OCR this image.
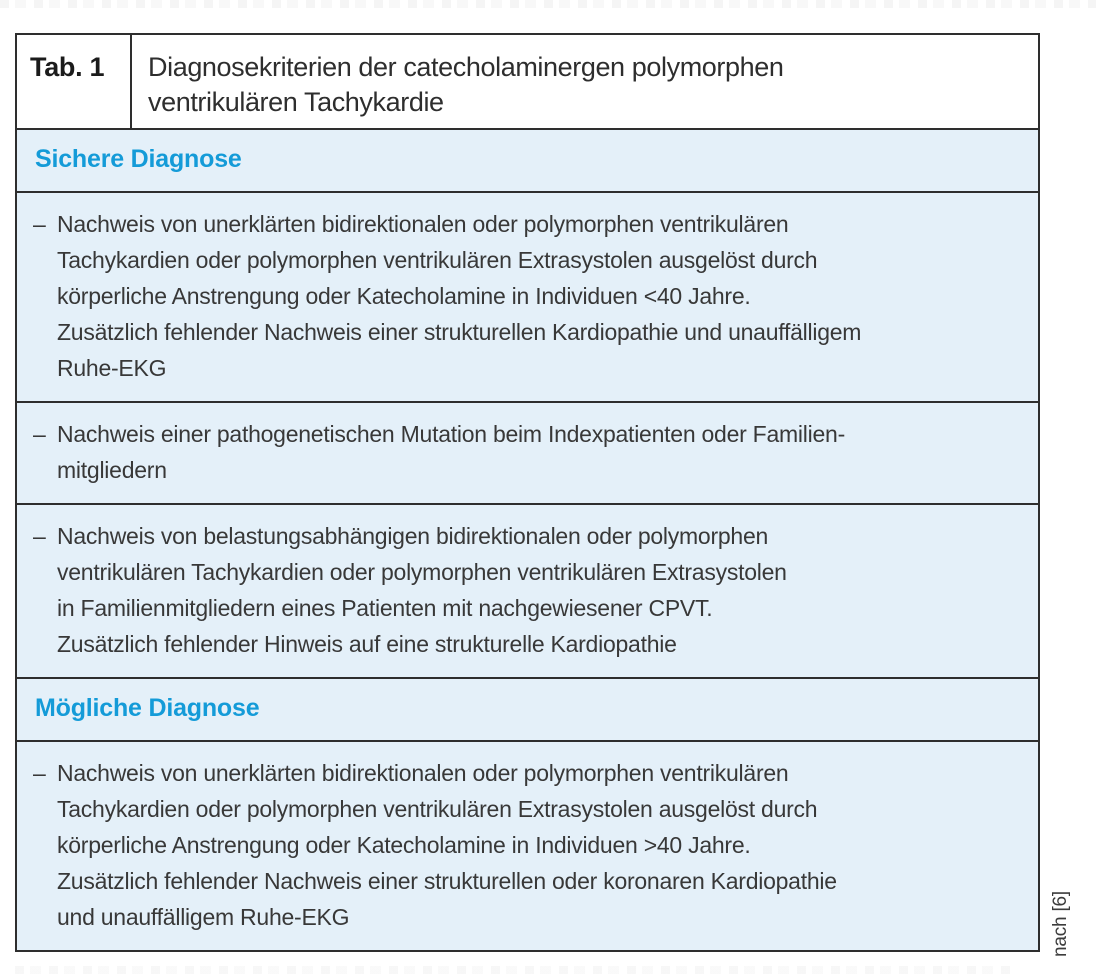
Tab. 1	Diagnosekriterien der catecholaminergen polymorphen
ventrikulären Tachykardie
Sichere Diagnose
– Nachweis von unerklärten bidirektionalen oder polymorphen ventrikulären
Tachykardien oder polymorphen ventrikulären Extrasystolen ausgelöst durch
körperliche Anstrengung oder Katecholamine in Individuen <40 Jahre.
Zusätzlich fehlender Nachweis einer strukturellen Kardiopathie und unauffälligem
Ruhe-EKG
– Nachweis einer pathogenetischen Mutation beim Indexpatienten oder Familien-
mitgliedern
– Nachweis von belastungsabhängigen bidirektionalen oder polymorphen
ventrikulären Tachykardien oder polymorphen ventrikulären Extrasystolen
in Familienmitgliedern eines Patienten mit nachgewiesener CPVT.
Zusätzlich fehlender Hinweis auf eine strukturelle Kardiopathie
Mögliche Diagnose
– Nachweis von unerklärten bidirektionalen oder polymorphen ventrikulären
Tachykardien oder polymorphen ventrikulären Extrasystolen ausgelöst durch
körperliche Anstrengung oder Katecholamine in Individuen >40 Jahre.
Zusätzlich fehlender Nachweis einer strukturellen oder koronaren Kardiopathie
und unauffälligem Ruhe-EKG	nach [6]
